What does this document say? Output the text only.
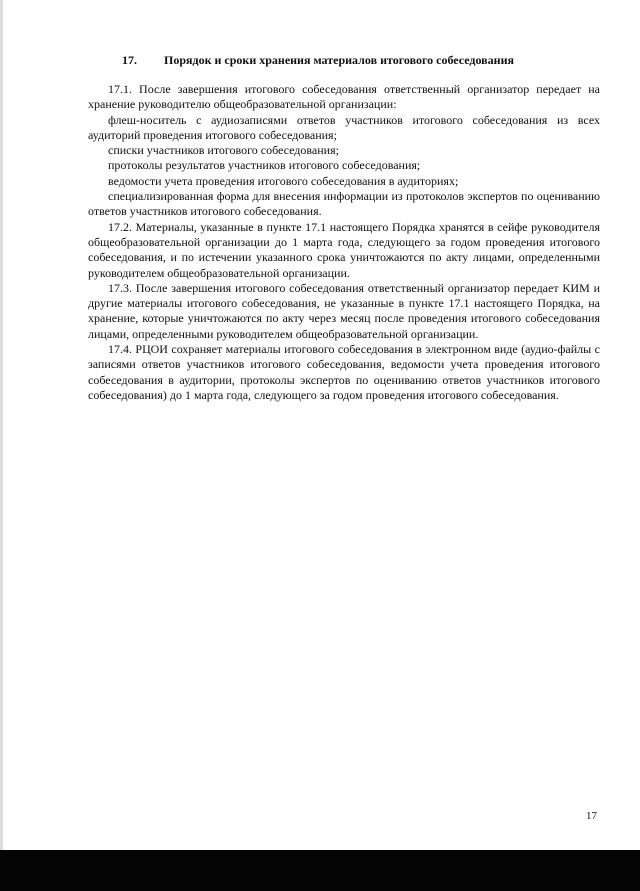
17. Порядок и сроки хранения материалов итогового собеседования

17.1. После завершения итогового собеседования ответственный организатор передает на хранение руководителю общеобразовательной организации:

флеш-носитель с аудиозаписями ответов участников итогового собеседования из всех аудиторий проведения итогового собеседования;

списки участников итогового собеседования;

протоколы результатов участников итогового собеседования;

ведомости учета проведения итогового собеседования в аудиториях;

специализированная форма для внесения информации из протоколов экспертов по оцениванию ответов участников итогового собеседования.

17.2. Материалы, указанные в пункте 17.1 настоящего Порядка хранятся в сейфе руководителя общеобразовательной организации до 1 марта года, следующего за годом проведения итогового собеседования, и по истечении указанного срока уничтожаются по акту лицами, определенными руководителем общеобразовательной организации.

17.3. После завершения итогового собеседования ответственный организатор передает КИМ и другие материалы итогового собеседования, не указанные в пункте 17.1 настоящего Порядка, на хранение, которые уничтожаются по акту через месяц после проведения итогового собеседования лицами, определенными руководителем общеобразовательной организации.

17.4. РЦОИ сохраняет материалы итогового собеседования в электронном виде (аудио-файлы с записями ответов участников итогового собеседования, ведомости учета проведения итогового собеседования в аудитории, протоколы экспертов по оцениванию ответов участников итогового собеседования) до 1 марта года, следующего за годом проведения итогового собеседования.

17
